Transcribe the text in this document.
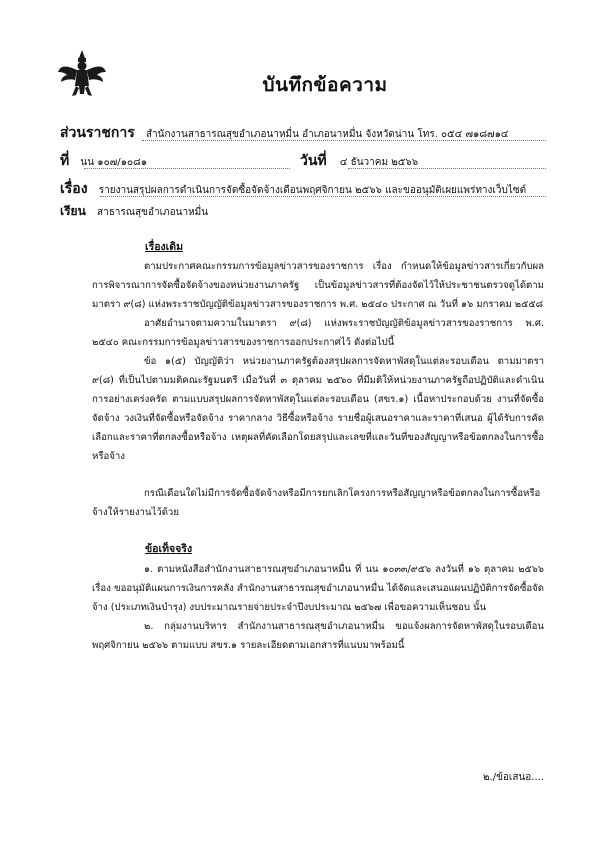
บันทึกข้อความ
ส่วนราชการ สำนักงานสาธารณสุขอำเภอนาหมื่น อำเภอนาหมื่น จังหวัดน่าน โทร. ๐๕๔ ๗๑๘๗๑๔
ที่ นน ๑๐๗/๑๐๘๑	วันที่ ๔ ธันวาคม ๒๕๖๖
เรื่อง รายงานสรุปผลการดำเนินการจัดซื้อจัดจ้างเดือนพฤศจิกายน ๒๕๖๖ และขออนุมัติเผยแพร่ทางเว็บไซต์
เรียน สาธารณสุขอำเภอนาหมื่น
เรื่องเดิม
ตามประกาศคณะกรรมการข้อมูลข่าวสารของราชการ เรื่อง กำหนดให้ข้อมูลข่าวสารเกี่ยวกับผลการพิจารณาการจัดซื้อจัดจ้างของหน่วยงานภาครัฐ เป็นข้อมูลข่าวสารที่ต้องจัดไว้ให้ประชาชนตรวจดูได้ตามมาตรา ๙(๘) แห่งพระราชบัญญัติข้อมูลข่าวสารของราชการ พ.ศ. ๒๕๔๐ ประกาศ ณ วันที่ ๑๖ มกราคม ๒๕๕๘
อาศัยอำนาจตามความในมาตรา ๙(๘) แห่งพระราชบัญญัติข้อมูลข่าวสารของราชการ พ.ศ. ๒๕๔๐ คณะกรรมการข้อมูลข่าวสารของราชการออกประกาศไว้ ดังต่อไปนี้
ข้อ ๑(๕) บัญญัติว่า หน่วยงานภาครัฐต้องสรุปผลการจัดหาพัสดุในแต่ละรอบเดือน ตามมาตรา ๙(๘) ที่เป็นไปตามมติคณะรัฐมนตรี เมื่อวันที่ ๓ ตุลาคม ๒๕๖๐ ที่มีมติให้หน่วยงานภาครัฐถือปฏิบัติและดำเนินการอย่างเคร่งครัด ตามแบบสรุปผลการจัดหาพัสดุในแต่ละรอบเดือน (สขร.๑) เนื้อหาประกอบด้วย งานที่จัดซื้อจัดจ้าง วงเงินที่จัดซื้อหรือจัดจ้าง ราคากลาง วิธีซื้อหรือจ้าง รายชื่อผู้เสนอราคาและราคาที่เสนอ ผู้ได้รับการคัดเลือกและราคาที่ตกลงซื้อหรือจ้าง เหตุผลที่คัดเลือกโดยสรุปและเลขที่และวันที่ของสัญญาหรือข้อตกลงในการซื้อหรือจ้าง
กรณีเดือนใดไม่มีการจัดซื้อจัดจ้างหรือมีการยกเลิกโครงการหรือสัญญาหรือข้อตกลงในการซื้อหรือจ้างให้รายงานไว้ด้วย
ข้อเท็จจริง
๑. ตามหนังสือสำนักงานสาธารณสุขอำเภอนาหมื่น ที่ นน ๑๐๓๓/๙๕๖ ลงวันที่ ๑๖ ตุลาคม ๒๕๖๖ เรื่อง ขออนุมัติแผนการเงินการคลัง สำนักงานสาธารณสุขอำเภอนาหมื่น ได้จัดและเสนอแผนปฏิบัติการจัดซื้อจัดจ้าง (ประเภทเงินบำรุง) งบประมาณรายจ่ายประจำปีงบประมาณ ๒๕๖๗ เพื่อขอความเห็นชอบ นั้น
๒. กลุ่มงานบริหาร สำนักงานสาธารณสุขอำเภอนาหมื่น ขอแจ้งผลการจัดหาพัสดุในรอบเดือนพฤศจิกายน ๒๕๖๖ ตามแบบ สขร.๑ รายละเอียดตามเอกสารที่แนบมาพร้อมนี้
๒./ข้อเสนอ....
